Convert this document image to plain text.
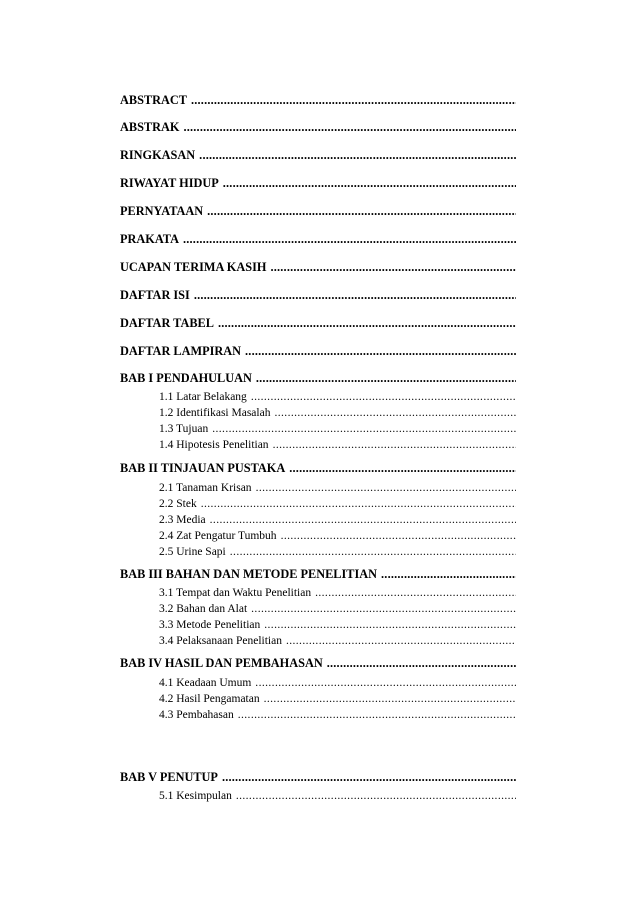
ABSTRACT
.....
ABSTRAK
.....
RINGKASAN
.....
RIWAYAT HIDUP
.....
PERNYATAAN
.....
PRAKATA
.....
UCAPAN TERIMA KASIH
.....
DAFTAR ISI
.....
DAFTAR TABEL
.....
DAFTAR LAMPIRAN
.....
BAB I PENDAHULUAN
.....
1.1 Latar Belakang
.....
1.2 Identifikasi Masalah
.....
1.3 Tujuan
.....
1.4 Hipotesis Penelitian
.....
BAB II TINJAUAN PUSTAKA
.....
2.1 Tanaman Krisan
.....
2.2 Stek
.....
2.3 Media
.....
2.4 Zat Pengatur Tumbuh
.....
2.5 Urine Sapi
.....
BAB III BAHAN DAN METODE PENELITIAN
.....
3.1 Tempat dan Waktu Penelitian
.....
3.2 Bahan dan Alat
.....
3.3 Metode Penelitian
.....
3.4 Pelaksanaan Penelitian
.....
BAB IV HASIL DAN PEMBAHASAN
.....
4.1 Keadaan Umum
.....
4.2 Hasil Pengamatan
.....
4.3 Pembahasan
.....
BAB V PENUTUP
.....
5.1 Kesimpulan
.....
